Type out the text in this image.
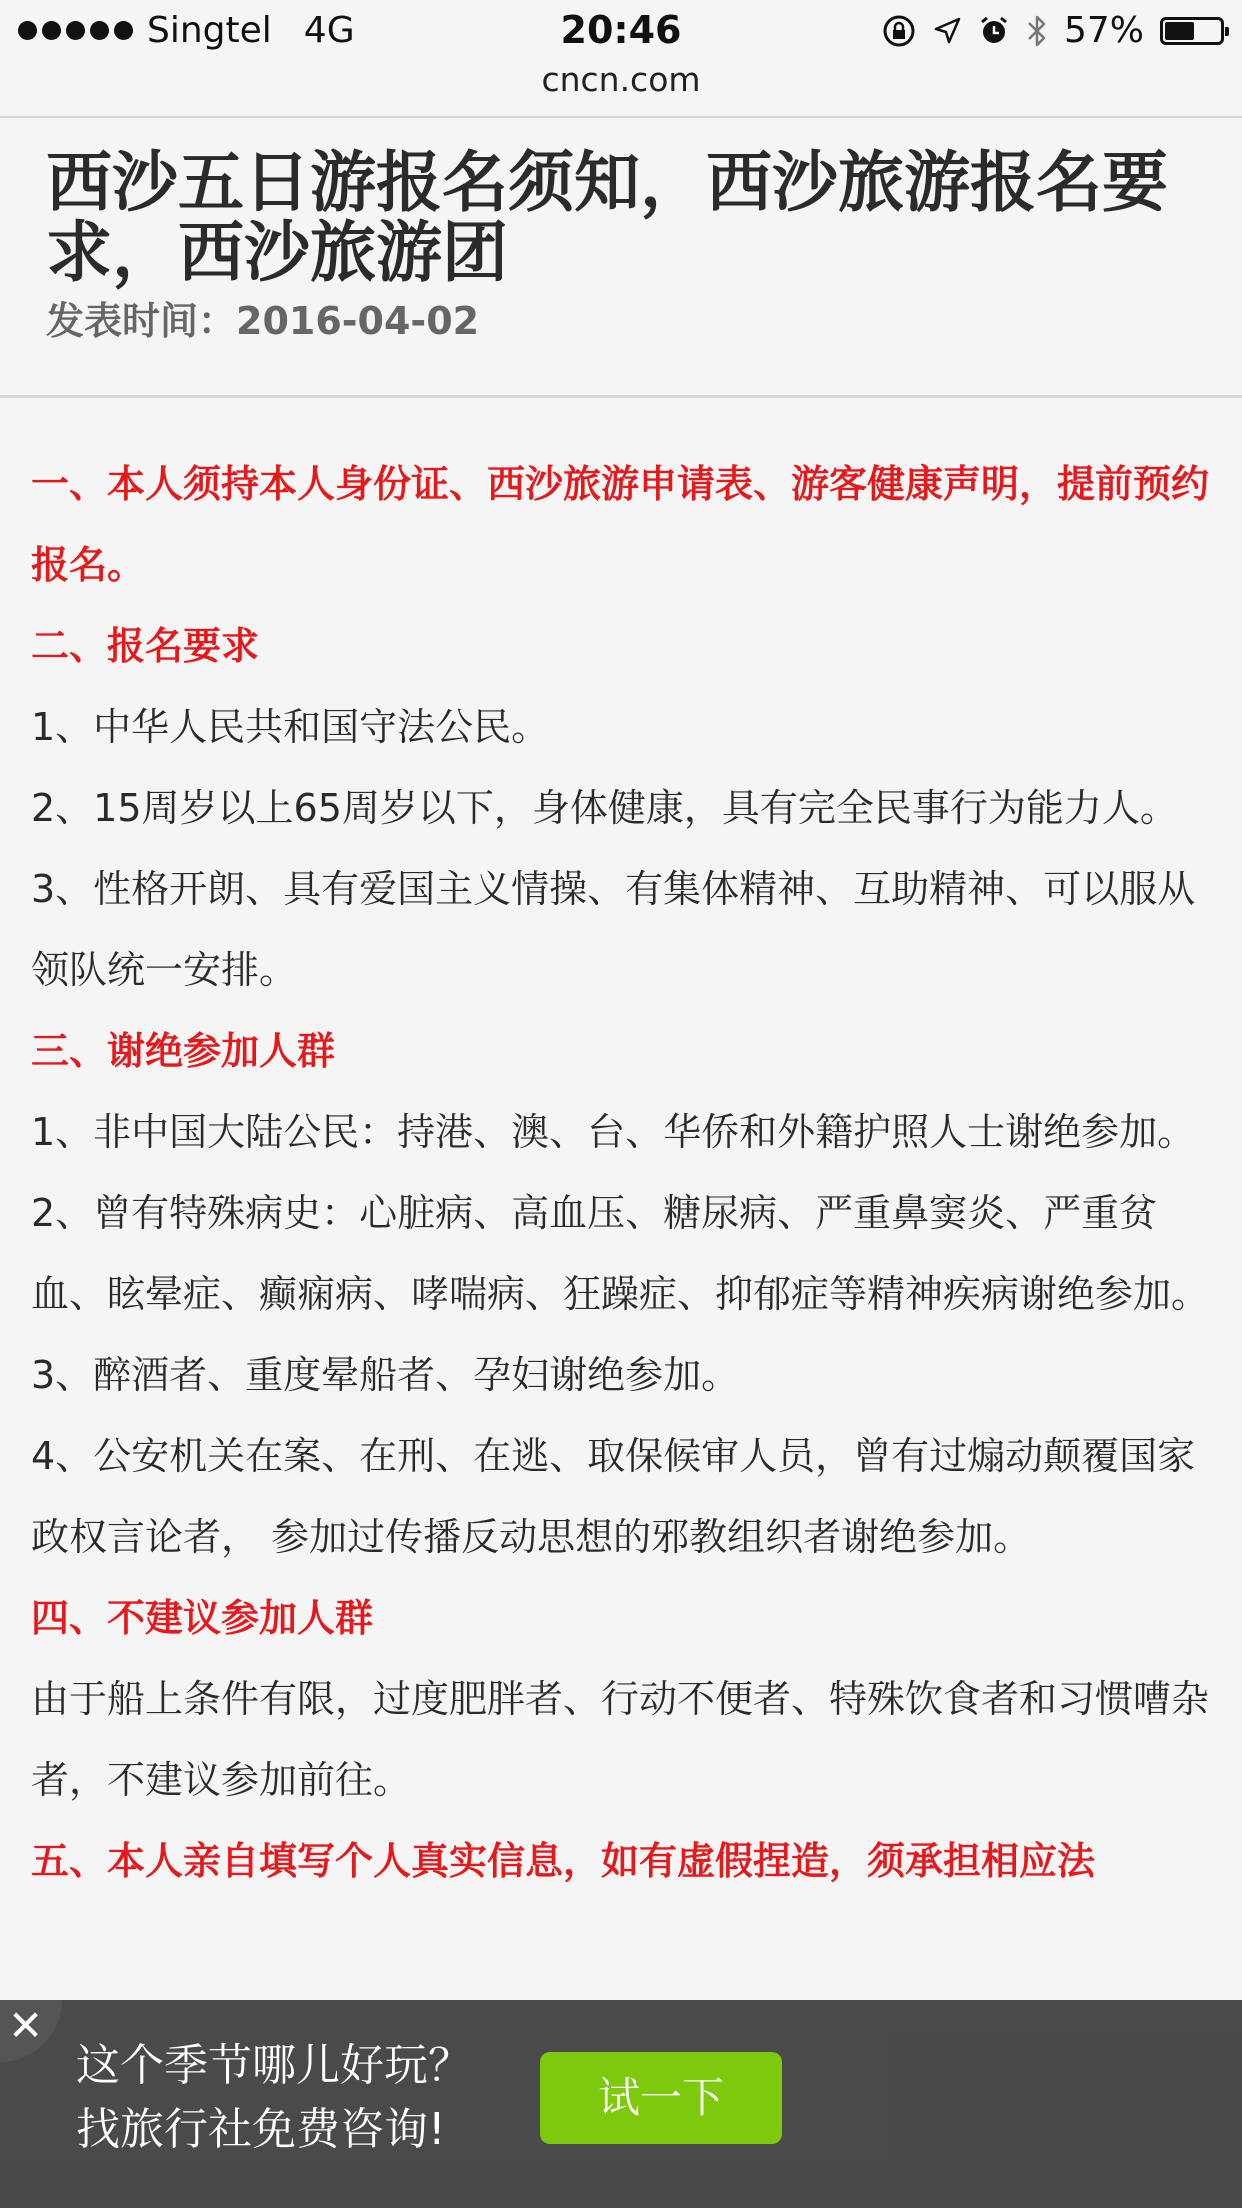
Singtel 4G	20:46	57%
cncn.com
西沙五日游报名须知，西沙旅游报名要求，西沙旅游团
发表时间：2016-04-02

一、本人须持本人身份证、西沙旅游申请表、游客健康声明，提前预约报名。

二、报名要求

1、中华人民共和国守法公民。

2、15周岁以上65周岁以下，身体健康，具有完全民事行为能力人。

3、性格开朗、具有爱国主义情操、有集体精神、互助精神、可以服从领队统一安排。

三、谢绝参加人群

1、非中国大陆公民：持港、澳、台、华侨和外籍护照人士谢绝参加。

2、曾有特殊病史：心脏病、高血压、糖尿病、严重鼻窦炎、严重贫血、眩晕症、癫痫病、哮喘病、狂躁症、抑郁症等精神疾病谢绝参加。

3、醉酒者、重度晕船者、孕妇谢绝参加。

4、公安机关在案、在刑、在逃、取保候审人员，曾有过煽动颠覆国家政权言论者， 参加过传播反动思想的邪教组织者谢绝参加。

四、不建议参加人群

由于船上条件有限，过度肥胖者、行动不便者、特殊饮食者和习惯嘈杂者，不建议参加前往。

五、本人亲自填写个人真实信息，如有虚假捏造，须承担相应法

✕
这个季节哪儿好玩？
找旅行社免费咨询!
试一下
